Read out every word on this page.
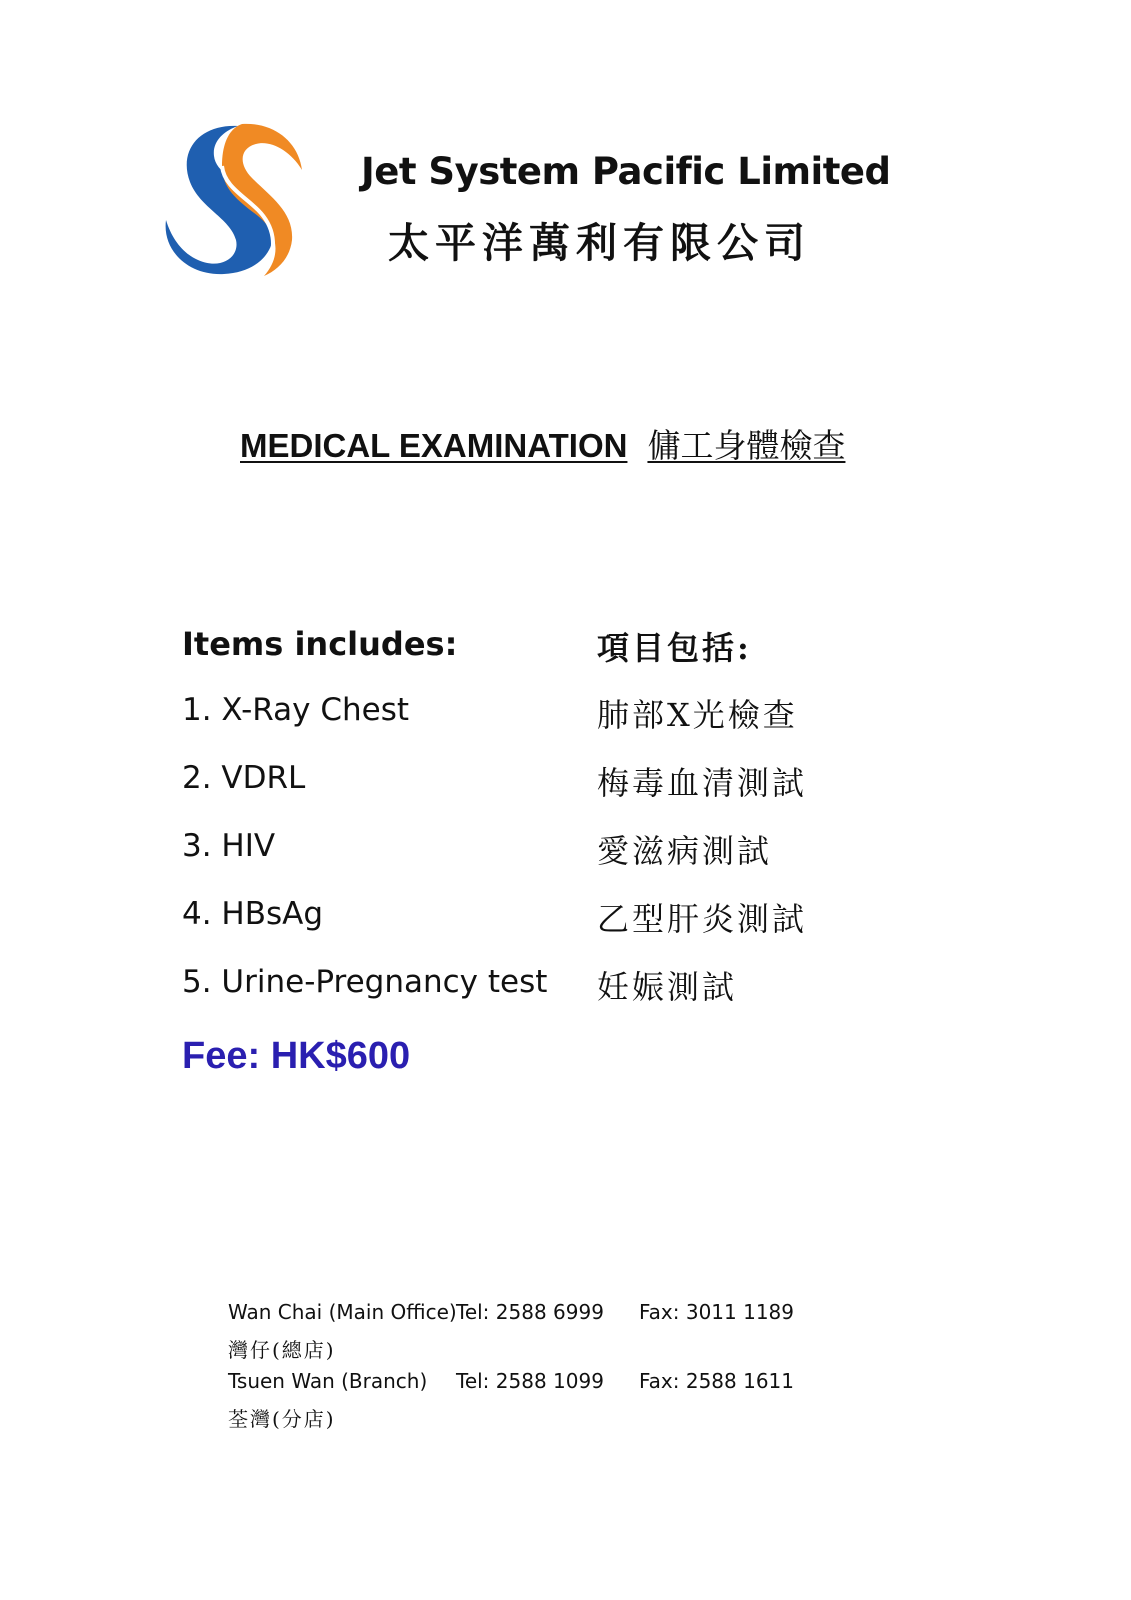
Jet System Pacific Limited
太平洋萬利有限公司
MEDICAL EXAMINATION 傭工身體檢查
Items includes:	項目包括:
1. X-Ray Chest	肺部X光檢查
2. VDRL	梅毒血清測試
3. HIV	愛滋病測試
4. HBsAg	乙型肝炎測試
5. Urine-Pregnancy test 妊娠測試
Fee: HK$600
Wan Chai (Main Office) Tel: 2588 6999 Fax: 3011 1189
灣仔(總店)
Tsuen Wan (Branch) Tel: 2588 1099 Fax: 2588 1611
荃灣(分店)
